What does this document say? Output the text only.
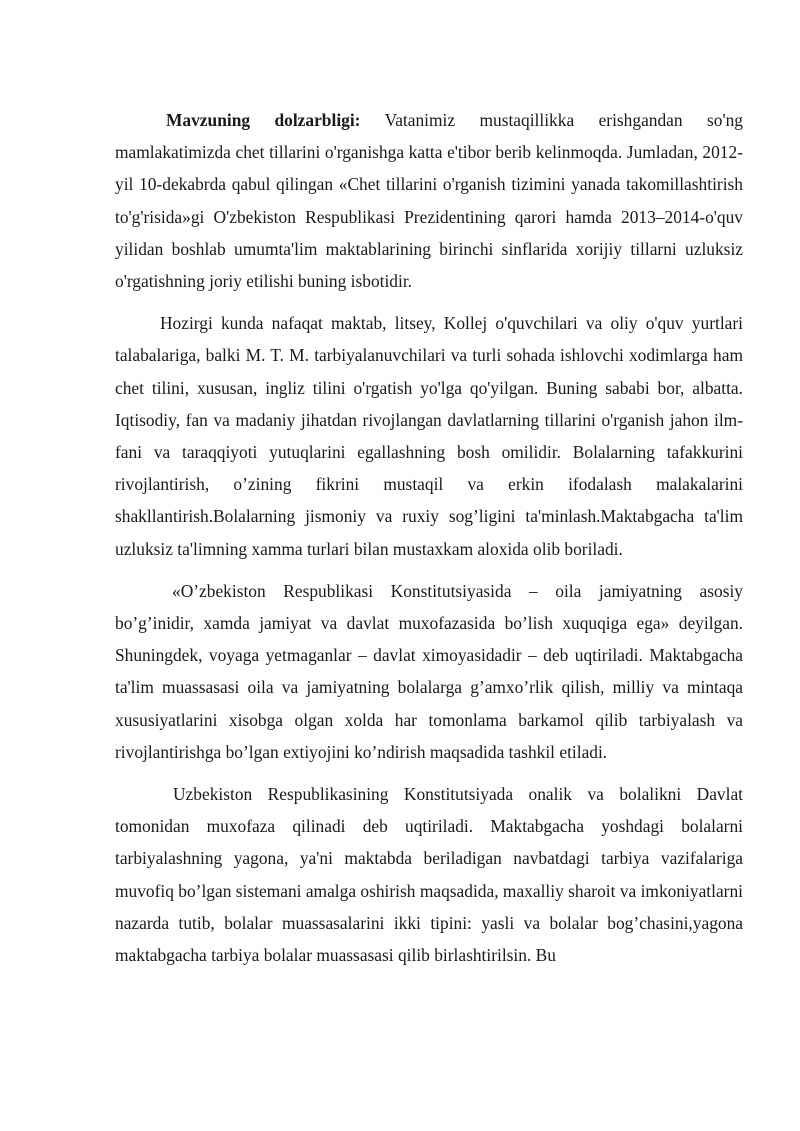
Mavzuning dolzarbligi: Vatanimiz mustaqillikka erishgandan so'ng mamlakatimizda chet tillarini o'rganishga katta e'tibor berib kelinmoqda. Jumladan, 2012-yil 10-dekabrda qabul qilingan «Chet tillarini o'rganish tizimini yanada takomillashtirish to'g'risida»gi O'zbekiston Respublikasi Prezidentining qarori hamda 2013–2014-o'quv yilidan boshlab umumta'lim maktablarining birinchi sinflarida xorijiy tillarni uzluksiz o'rgatishning joriy etilishi buning isbotidir.

Hozirgi kunda nafaqat maktab, litsey, Kollej o'quvchilari va oliy o'quv yurtlari talabalariga, balki M. T. M. tarbiyalanuvchilari va turli sohada ishlovchi xodimlarga ham chet tilini, xususan, ingliz tilini o'rgatish yo'lga qo'yilgan. Buning sababi bor, albatta. Iqtisodiy, fan va madaniy jihatdan rivojlangan davlatlarning tillarini o'rganish jahon ilm- fani va taraqqiyoti yutuqlarini egallashning bosh omilidir. Bolalarning tafakkurini rivojlantirish, o’zining fikrini mustaqil va erkin ifodalash malakalarini shakllantirish.Bolalarning jismoniy va ruxiy sog’ligini ta'minlash.Maktabgacha ta'lim uzluksiz ta'limning xamma turlari bilan mustaxkam aloxida olib boriladi.

«O’zbekiston Respublikasi Konstitutsiyasida – oila jamiyatning asosiy bo’g’inidir, xamda jamiyat va davlat muxofazasida bo’lish xuquqiga ega» deyilgan. Shuningdek, voyaga yetmaganlar – davlat ximoyasidadir – deb uqtiriladi. Maktabgacha ta'lim muassasasi oila va jamiyatning bolalarga g’amxo’rlik qilish, milliy va mintaqa xususiyatlarini xisobga olgan xolda har tomonlama barkamol qilib tarbiyalash va rivojlantirishga bo’lgan extiyojini ko’ndirish maqsadida tashkil etiladi.

Uzbekiston Respublikasining Konstitutsiyada onalik va bolalikni Davlat tomonidan muxofaza qilinadi deb uqtiriladi. Maktabgacha yoshdagi bolalarni tarbiyalashning yagona, ya'ni maktabda beriladigan navbatdagi tarbiya vazifalariga muvofiq bo’lgan sistemani amalga oshirish maqsadida, maxalliy sharoit va imkoniyatlarni nazarda tutib, bolalar muassasalarini ikki tipini: yasli va bolalar bog’chasini,yagona maktabgacha tarbiya bolalar muassasasi qilib birlashtirilsin. Bu
